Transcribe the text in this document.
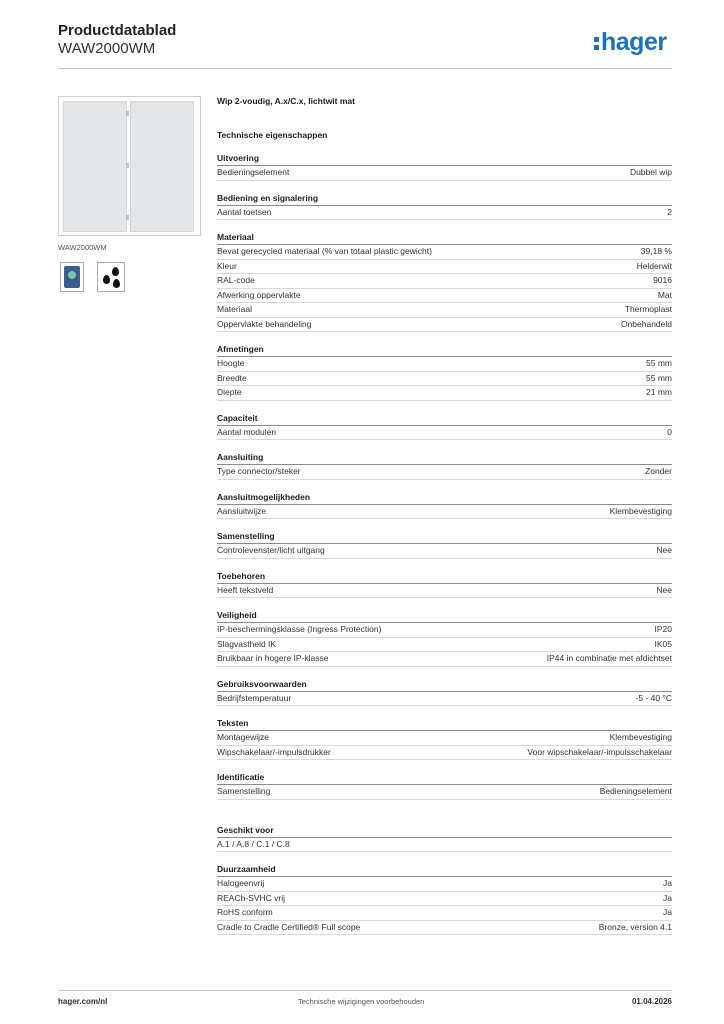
Productdatablad
WAW2000WM	hager
WAW2000WM
Wip 2-voudig, A.x/C.x, lichtwit mat
Technische eigenschappen
Uitvoering
Bedieningselement	Dubbel wip
Bediening en signalering
Aantal toetsen	2
Materiaal
Bevat gerecycled materiaal (% van totaal plastic gewicht)	39,18 %
Kleur	Helderwit
RAL-code	9016
Afwerking oppervlakte	Mat
Materiaal	Thermoplast
Oppervlakte behandeling	Onbehandeld
Afmetingen
Hoogte	55 mm
Breedte	55 mm
Diepte	21 mm
Capaciteit
Aantal modulen	0
Aansluiting
Type connector/steker	Zonder
Aansluitmogelijkheden
Aansluitwijze	Klembevestiging
Samenstelling
Controlevenster/licht uitgang	Nee
Toebehoren
Heeft tekstveld	Nee
Veiligheid
IP-beschermingsklasse (Ingress Protection)	IP20
Slagvastheid IK	IK05
Bruikbaar in hogere IP-klasse	IP44 in combinatie met afdichtset
Gebruiksvoorwaarden
Bedrijfstemperatuur	-5 - 40 °C
Teksten
Montagewijze	Klembevestiging
Wipschakelaar/-impulsdrukker	Voor wipschakelaar/-impulsschakelaar
Identificatie
Samenstelling	Bedieningselement
Geschikt voor
A.1 / A.8 / C.1 / C.8
Duurzaamheid
Halogeenvrij	Ja
REACh-SVHC vrij	Ja
RoHS conform	Ja
Cradle to Cradle Certified® Full scope	Bronze, version 4.1
hager.com/nl	Technische wijzigingen voorbehouden	01.04.2026
